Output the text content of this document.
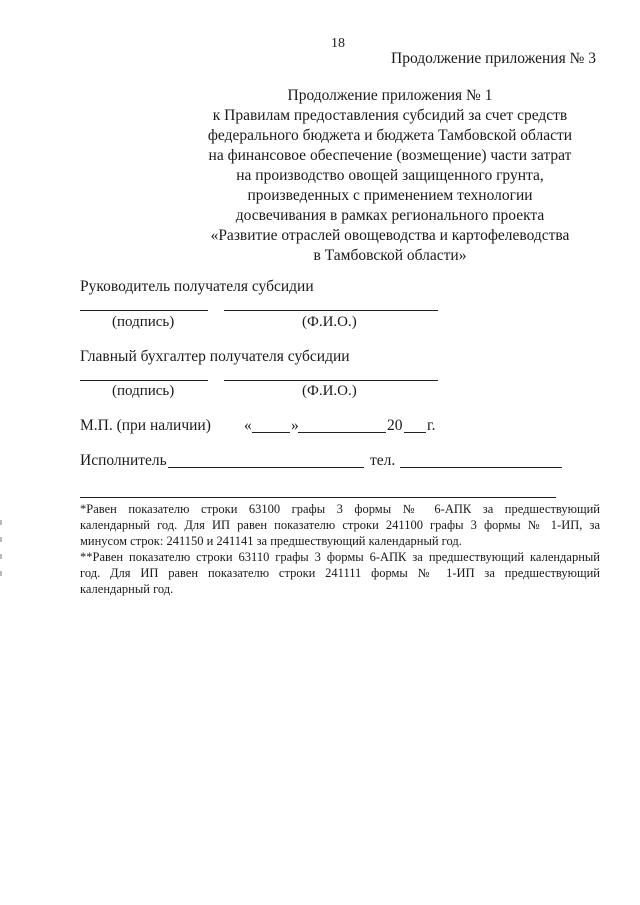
18
Продолжение приложения № 3
Продолжение приложения № 1
к Правилам предоставления субсидий за счет средств
федерального бюджета и бюджета Тамбовской области
на финансовое обеспечение (возмещение) части затрат
на производство овощей защищенного грунта,
произведенных с применением технологии
досвечивания в рамках регионального проекта
«Развитие отраслей овощеводства и картофелеводства
в Тамбовской области»
Руководитель получателя субсидии
(подпись)	(Ф.И.О.)
Главный бухгалтер получателя субсидии
(подпись)	(Ф.И.О.)
М.П. (при наличии) «	»	20 г.
Исполнитель	тел.
*Равен показателю строки 63100 графы 3 формы № 6-АПК за предшествующий
календарный год. Для ИП равен показателю строки 241100 графы 3 формы № 1-ИП, за
минусом строк: 241150 и 241141 за предшествующий календарный год.
**Равен показателю строки 63110 графы 3 формы 6-АПК за предшествующий календарный
год. Для ИП равен показателю строки 241111 формы № 1-ИП за предшествующий
календарный год.
